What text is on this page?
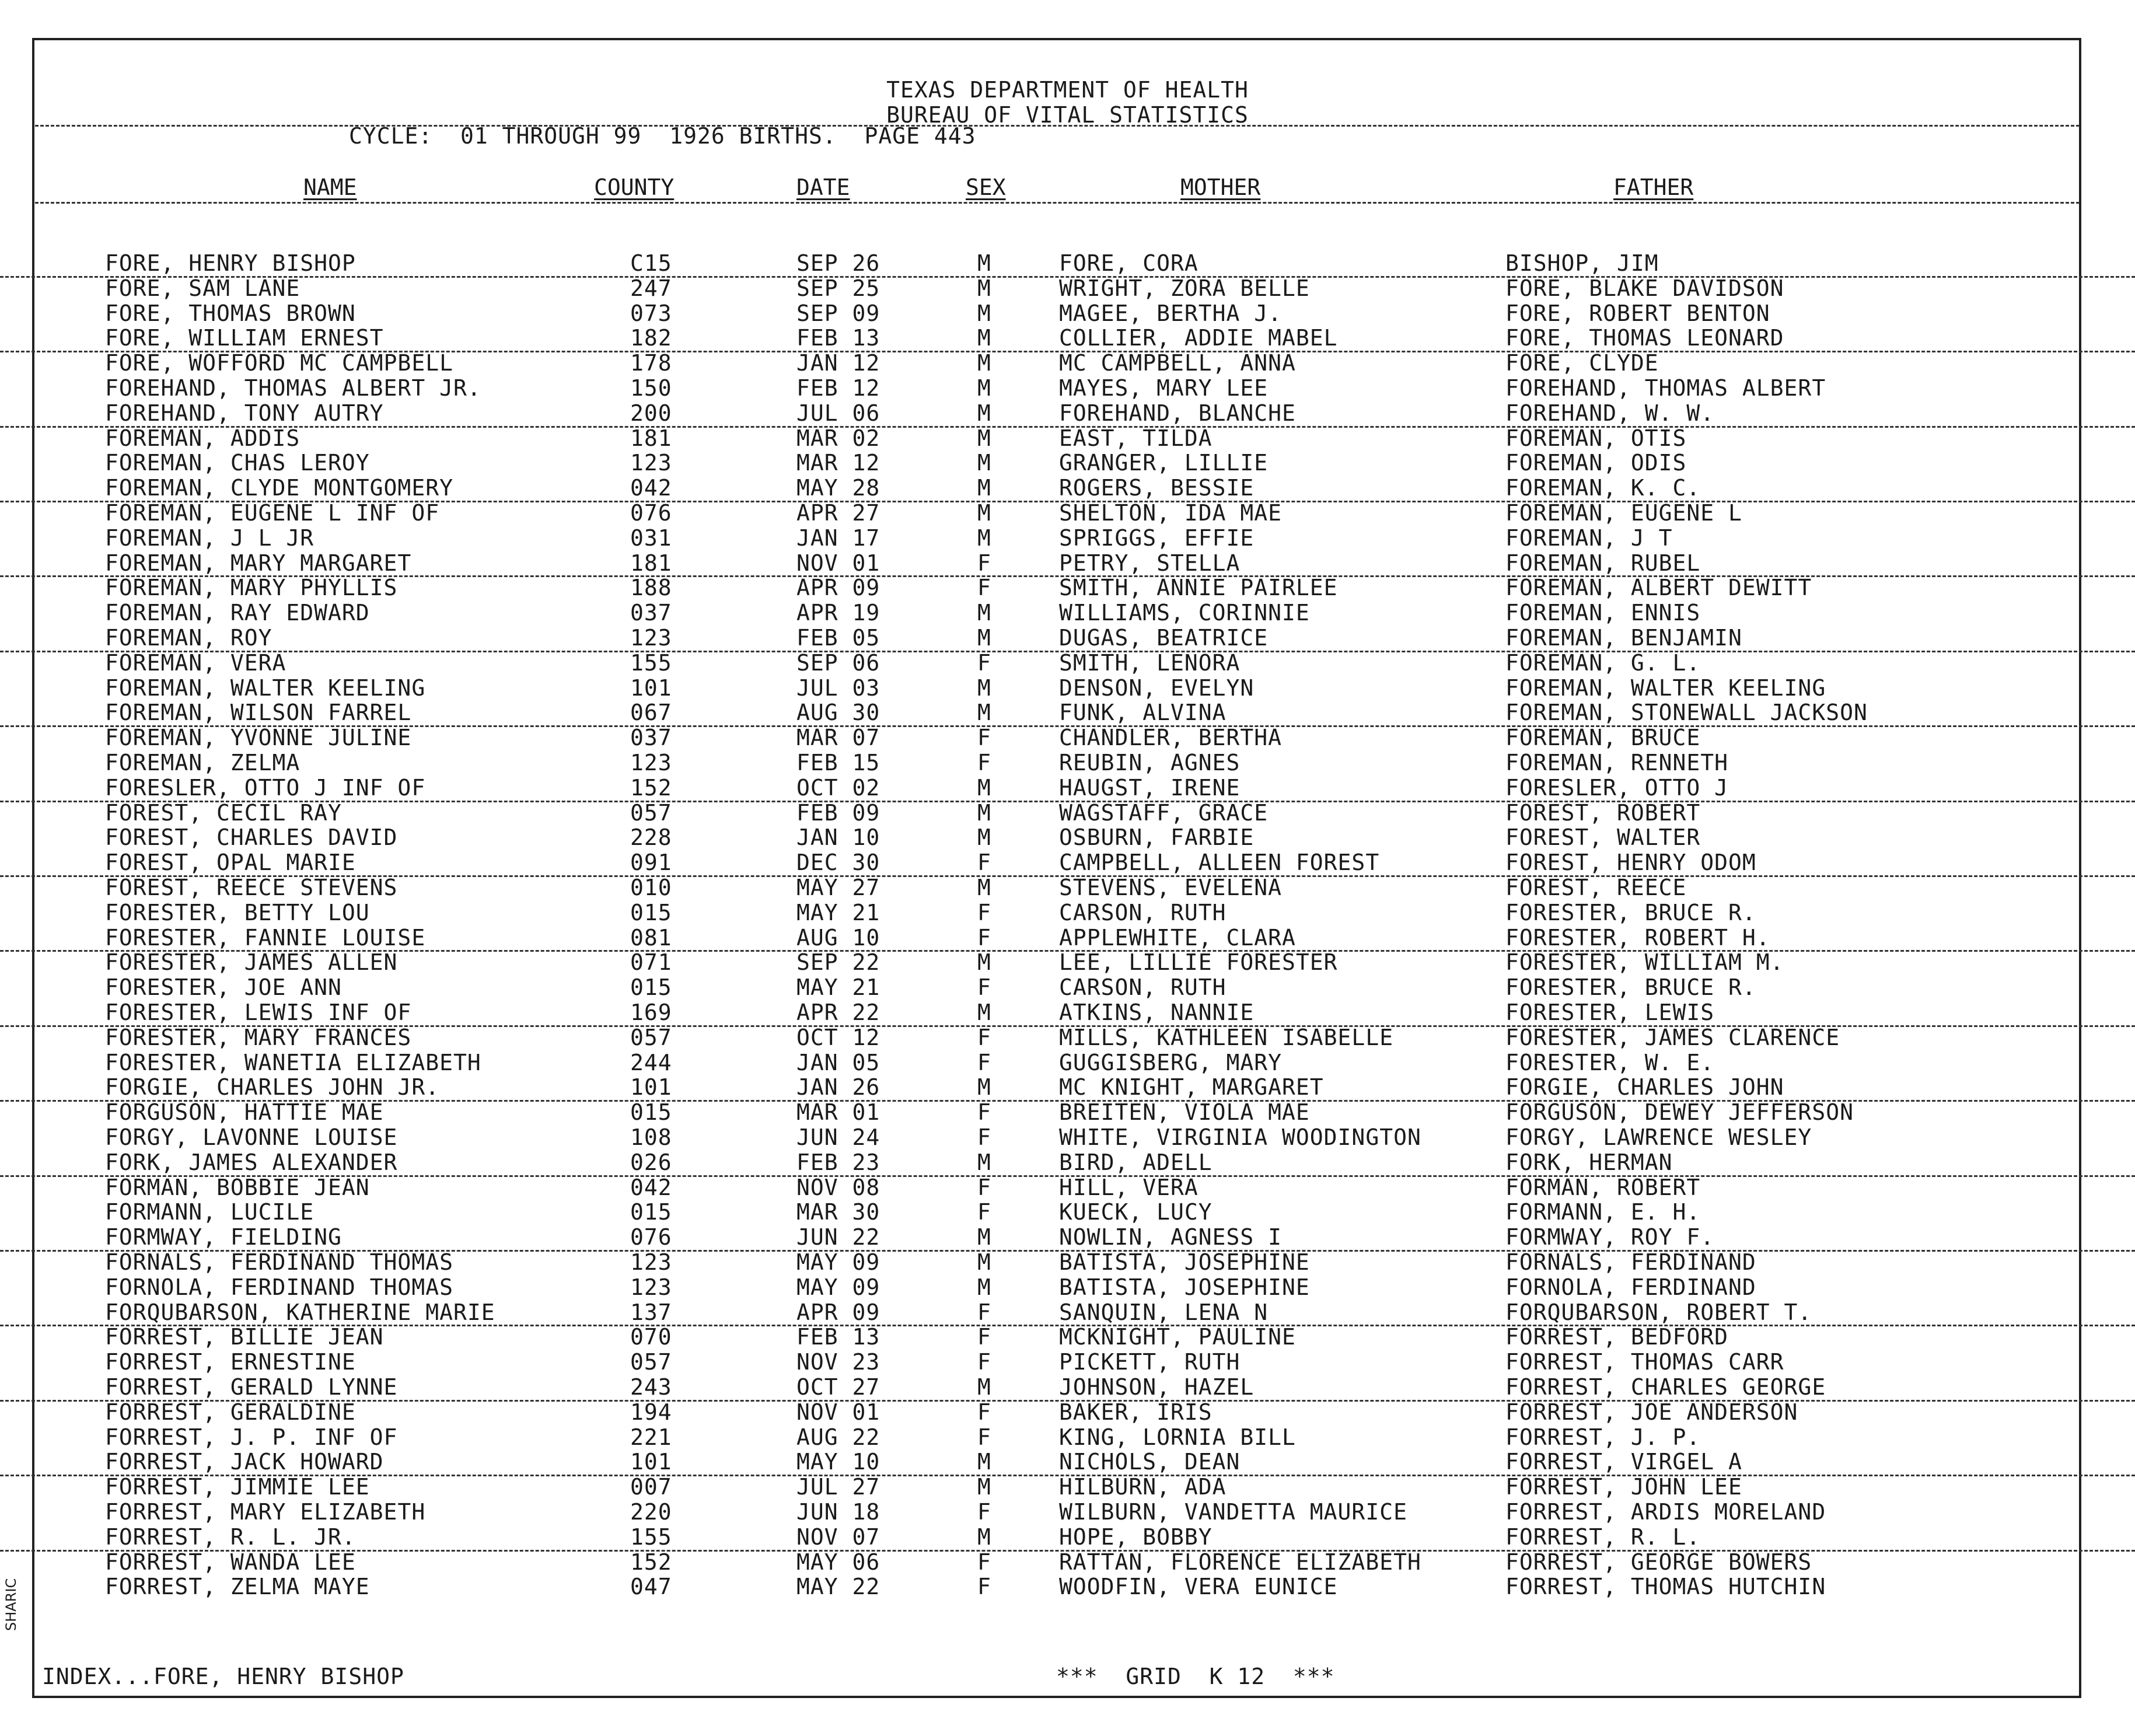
TEXAS DEPARTMENT OF HEALTH
BUREAU OF VITAL STATISTICS
CYCLE:  01 THROUGH 99  1926 BIRTHS.  PAGE 443
NAME	COUNTY	DATE	SEX	MOTHER	FATHER
FORE, HENRY BISHOP	C15	SEP 26	M	FORE, CORA	BISHOP, JIM
FORE, SAM LANE	247	SEP 25	M	WRIGHT, ZORA BELLE	FORE, BLAKE DAVIDSON
FORE, THOMAS BROWN	073	SEP 09	M	MAGEE, BERTHA J.	FORE, ROBERT BENTON
FORE, WILLIAM ERNEST	182	FEB 13	M	COLLIER, ADDIE MABEL	FORE, THOMAS LEONARD
FORE, WOFFORD MC CAMPBELL	178	JAN 12	M	MC CAMPBELL, ANNA	FORE, CLYDE
FOREHAND, THOMAS ALBERT JR.	150	FEB 12	M	MAYES, MARY LEE	FOREHAND, THOMAS ALBERT
FOREHAND, TONY AUTRY	200	JUL 06	M	FOREHAND, BLANCHE	FOREHAND, W. W.
FOREMAN, ADDIS	181	MAR 02	M	EAST, TILDA	FOREMAN, OTIS
FOREMAN, CHAS LEROY	123	MAR 12	M	GRANGER, LILLIE	FOREMAN, ODIS
FOREMAN, CLYDE MONTGOMERY	042	MAY 28	M	ROGERS, BESSIE	FOREMAN, K. C.
FOREMAN, EUGENE L INF OF	076	APR 27	M	SHELTON, IDA MAE	FOREMAN, EUGENE L
FOREMAN, J L JR	031	JAN 17	M	SPRIGGS, EFFIE	FOREMAN, J T
FOREMAN, MARY MARGARET	181	NOV 01	F	PETRY, STELLA	FOREMAN, RUBEL
FOREMAN, MARY PHYLLIS	188	APR 09	F	SMITH, ANNIE PAIRLEE	FOREMAN, ALBERT DEWITT
FOREMAN, RAY EDWARD	037	APR 19	M	WILLIAMS, CORINNIE	FOREMAN, ENNIS
FOREMAN, ROY	123	FEB 05	M	DUGAS, BEATRICE	FOREMAN, BENJAMIN
FOREMAN, VERA	155	SEP 06	F	SMITH, LENORA	FOREMAN, G. L.
FOREMAN, WALTER KEELING	101	JUL 03	M	DENSON, EVELYN	FOREMAN, WALTER KEELING
FOREMAN, WILSON FARREL	067	AUG 30	M	FUNK, ALVINA	FOREMAN, STONEWALL JACKSON
FOREMAN, YVONNE JULINE	037	MAR 07	F	CHANDLER, BERTHA	FOREMAN, BRUCE
FOREMAN, ZELMA	123	FEB 15	F	REUBIN, AGNES	FOREMAN, RENNETH
FORESLER, OTTO J INF OF	152	OCT 02	M	HAUGST, IRENE	FORESLER, OTTO J
FOREST, CECIL RAY	057	FEB 09	M	WAGSTAFF, GRACE	FOREST, ROBERT
FOREST, CHARLES DAVID	228	JAN 10	M	OSBURN, FARBIE	FOREST, WALTER
FOREST, OPAL MARIE	091	DEC 30	F	CAMPBELL, ALLEEN FOREST	FOREST, HENRY ODOM
FOREST, REECE STEVENS	010	MAY 27	M	STEVENS, EVELENA	FOREST, REECE
FORESTER, BETTY LOU	015	MAY 21	F	CARSON, RUTH	FORESTER, BRUCE R.
FORESTER, FANNIE LOUISE	081	AUG 10	F	APPLEWHITE, CLARA	FORESTER, ROBERT H.
FORESTER, JAMES ALLEN	071	SEP 22	M	LEE, LILLIE FORESTER	FORESTER, WILLIAM M.
FORESTER, JOE ANN	015	MAY 21	F	CARSON, RUTH	FORESTER, BRUCE R.
FORESTER, LEWIS INF OF	169	APR 22	M	ATKINS, NANNIE	FORESTER, LEWIS
FORESTER, MARY FRANCES	057	OCT 12	F	MILLS, KATHLEEN ISABELLE	FORESTER, JAMES CLARENCE
FORESTER, WANETIA ELIZABETH	244	JAN 05	F	GUGGISBERG, MARY	FORESTER, W. E.
FORGIE, CHARLES JOHN JR.	101	JAN 26	M	MC KNIGHT, MARGARET	FORGIE, CHARLES JOHN
FORGUSON, HATTIE MAE	015	MAR 01	F	BREITEN, VIOLA MAE	FORGUSON, DEWEY JEFFERSON
FORGY, LAVONNE LOUISE	108	JUN 24	F	WHITE, VIRGINIA WOODINGTON	FORGY, LAWRENCE WESLEY
FORK, JAMES ALEXANDER	026	FEB 23	M	BIRD, ADELL	FORK, HERMAN
FORMAN, BOBBIE JEAN	042	NOV 08	F	HILL, VERA	FORMAN, ROBERT
FORMANN, LUCILE	015	MAR 30	F	KUECK, LUCY	FORMANN, E. H.
FORMWAY, FIELDING	076	JUN 22	M	NOWLIN, AGNESS I	FORMWAY, ROY F.
FORNALS, FERDINAND THOMAS	123	MAY 09	M	BATISTA, JOSEPHINE	FORNALS, FERDINAND
FORNOLA, FERDINAND THOMAS	123	MAY 09	M	BATISTA, JOSEPHINE	FORNOLA, FERDINAND
FORQUBARSON, KATHERINE MARIE	137	APR 09	F	SANQUIN, LENA N	FORQUBARSON, ROBERT T.
FORREST, BILLIE JEAN	070	FEB 13	F	MCKNIGHT, PAULINE	FORREST, BEDFORD
FORREST, ERNESTINE	057	NOV 23	F	PICKETT, RUTH	FORREST, THOMAS CARR
FORREST, GERALD LYNNE	243	OCT 27	M	JOHNSON, HAZEL	FORREST, CHARLES GEORGE
FORREST, GERALDINE	194	NOV 01	F	BAKER, IRIS	FORREST, JOE ANDERSON
FORREST, J. P. INF OF	221	AUG 22	F	KING, LORNIA BILL	FORREST, J. P.
FORREST, JACK HOWARD	101	MAY 10	M	NICHOLS, DEAN	FORREST, VIRGEL A
FORREST, JIMMIE LEE	007	JUL 27	M	HILBURN, ADA	FORREST, JOHN LEE
FORREST, MARY ELIZABETH	220	JUN 18	F	WILBURN, VANDETTA MAURICE	FORREST, ARDIS MORELAND
FORREST, R. L. JR.	155	NOV 07	M	HOPE, BOBBY	FORREST, R. L.
FORREST, WANDA LEE	152	MAY 06	F	RATTAN, FLORENCE ELIZABETH	FORREST, GEORGE BOWERS
FORREST, ZELMA MAYE	047	MAY 22	F	WOODFIN, VERA EUNICE	FORREST, THOMAS HUTCHIN
INDEX...FORE, HENRY BISHOP	***  GRID  K 12  ***
SHARIC
